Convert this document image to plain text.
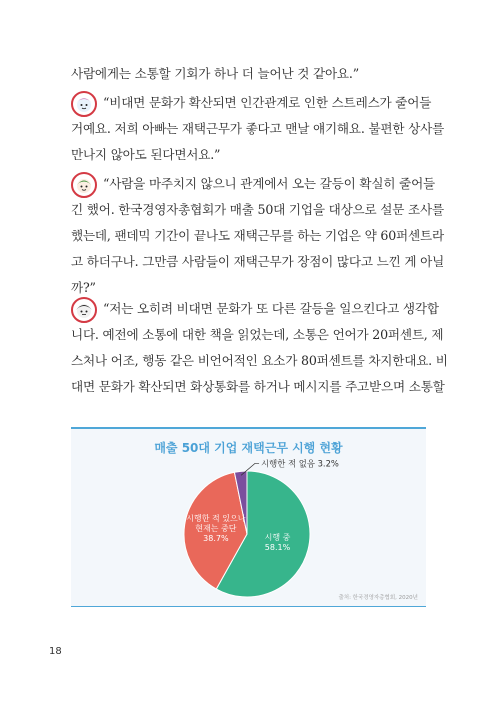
사람에게는 소통할 기회가 하나 더 늘어난 것 같아요.”
“비대면 문화가 확산되면 인간관계로 인한 스트레스가 줄어들
거예요. 저희 아빠는 재택근무가 좋다고 맨날 얘기해요. 불편한 상사를
만나지 않아도 된다면서요.”
“사람을 마주치지 않으니 관계에서 오는 갈등이 확실히 줄어들
긴 했어. 한국경영자총협회가 매출 50대 기업을 대상으로 설문 조사를
했는데, 팬데믹 기간이 끝나도 재택근무를 하는 기업은 약 60퍼센트라
고 하더구나. 그만큼 사람들이 재택근무가 장점이 많다고 느낀 게 아닐
까?”
“저는 오히려 비대면 문화가 또 다른 갈등을 일으킨다고 생각합
니다. 예전에 소통에 대한 책을 읽었는데, 소통은 언어가 20퍼센트, 제
스처나 어조, 행동 같은 비언어적인 요소가 80퍼센트를 차지한대요. 비
대면 문화가 확산되면 화상통화를 하거나 메시지를 주고받으며 소통할
매출 50대 기업 재택근무 시행 현황
시행 중
58.1%
시행한 적 있으나
현재는 중단
38.7%
시행한 적 없음 3.2%
출처: 한국경영자총협회, 2020년
18
